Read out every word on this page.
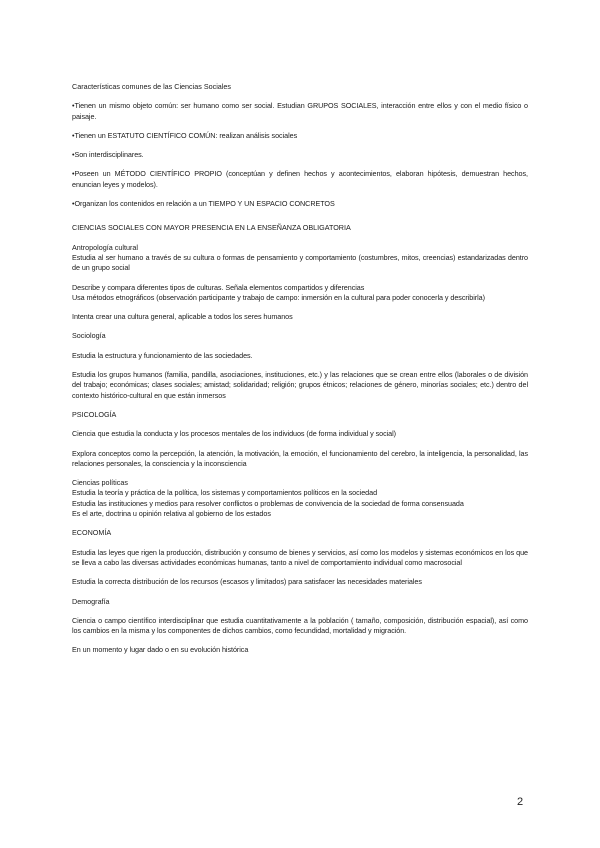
Características comunes de las Ciencias Sociales

•Tienen un mismo objeto común: ser humano como ser social. Estudian GRUPOS SOCIALES, interacción entre ellos y con el medio físico o paisaje.

•Tienen un ESTATUTO CIENTÍFICO COMÚN: realizan análisis sociales

•Son interdisciplinares.

•Poseen un MÉTODO CIENTÍFICO PROPIO (conceptúan y definen hechos y acontecimientos, elaboran hipótesis, demuestran hechos, enuncian leyes y modelos).

•Organizan los contenidos en relación a un TIEMPO Y UN ESPACIO CONCRETOS

CIENCIAS SOCIALES CON MAYOR PRESENCIA EN LA ENSEÑANZA OBLIGATORIA

Antropología cultural

Estudia al ser humano a través de su cultura o formas de pensamiento y comportamiento (costumbres, mitos, creencias) estandarizadas dentro de un grupo social

Describe y compara diferentes tipos de culturas. Señala elementos compartidos y diferencias

Usa métodos etnográficos (observación participante y trabajo de campo: inmersión en la cultural para poder conocerla y describirla)

Intenta crear una cultura general, aplicable a todos los seres humanos

Sociología

Estudia la estructura y funcionamiento de las sociedades.

Estudia los grupos humanos (familia, pandilla, asociaciones, instituciones, etc.) y las relaciones que se crean entre ellos (laborales o de división del trabajo; económicas; clases sociales; amistad; solidaridad; religión; grupos étnicos; relaciones de género, minorías sociales; etc.) dentro del contexto histórico-cultural en que están inmersos

PSICOLOGÍA

Ciencia que estudia la conducta y los procesos mentales de los individuos (de forma individual y social)

Explora conceptos como la percepción, la atención, la motivación, la emoción, el funcionamiento del cerebro, la inteligencia, la personalidad, las relaciones personales, la consciencia y la inconsciencia

Ciencias políticas

Estudia la teoría y práctica de la política, los sistemas y comportamientos políticos en la sociedad

Estudia las instituciones y medios para resolver conflictos o problemas de convivencia de la sociedad de forma consensuada

Es el arte, doctrina u opinión relativa al gobierno de los estados

ECONOMÍA

Estudia las leyes que rigen la producción, distribución y consumo de bienes y servicios, así como los modelos y sistemas económicos en los que se lleva a cabo las diversas actividades económicas humanas, tanto a nivel de comportamiento individual como macrosocial

Estudia la correcta distribución de los recursos (escasos y limitados) para satisfacer las necesidades materiales

Demografía

Ciencia o campo científico interdisciplinar que estudia cuantitativamente a la población ( tamaño, composición, distribución espacial), así como los cambios en la misma y los componentes de dichos cambios, como fecundidad, mortalidad y migración.

En un momento y lugar dado o en su evolución histórica

2
